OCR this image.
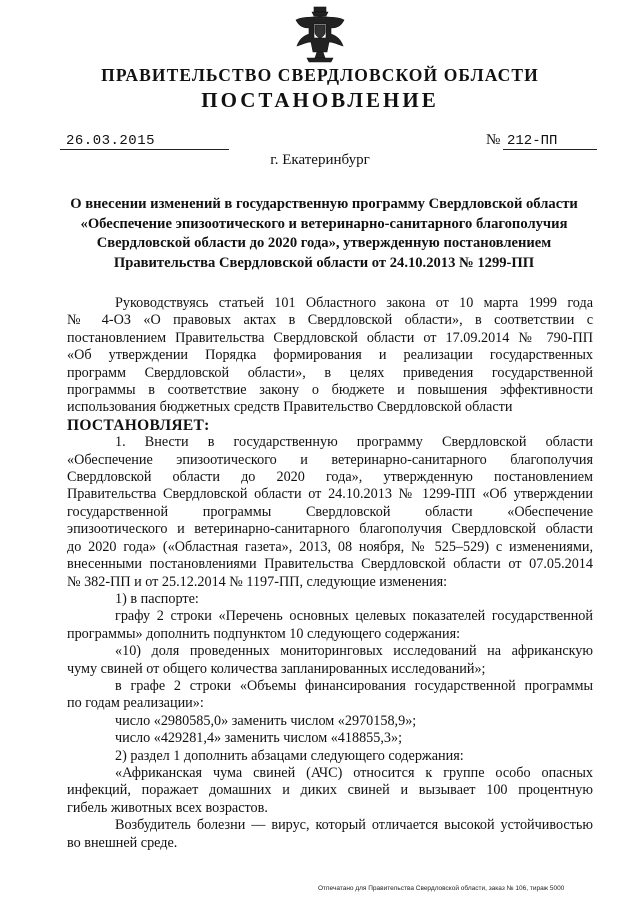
ПРАВИТЕЛЬСТВО СВЕРДЛОВСКОЙ ОБЛАСТИ
ПОСТАНОВЛЕНИЕ
26.03.2015	№ 212-ПП
г. Екатеринбург
О внесении изменений в государственную программу Свердловской области
«Обеспечение эпизоотического и ветеринарно-санитарного благополучия
Свердловской области до 2020 года», утвержденную постановлением
Правительства Свердловской области от 24.10.2013 № 1299-ПП

Руководствуясь статьей 101 Областного закона от 10 марта 1999 года

№ 4-ОЗ «О правовых актах в Свердловской области», в соответствии с

постановлением Правительства Свердловской области от 17.09.2014 № 790-ПП

«Об утверждении Порядка формирования и реализации государственных

программ Свердловской области», в целях приведения государственной

программы в соответствие закону о бюджете и повышения эффективности

использования бюджетных средств Правительство Свердловской области

ПОСТАНОВЛЯЕТ:

1. Внести в государственную программу Свердловской области

«Обеспечение эпизоотического и ветеринарно-санитарного благополучия

Свердловской области до 2020 года», утвержденную постановлением

Правительства Свердловской области от 24.10.2013 № 1299-ПП «Об утверждении

государственной программы Свердловской области «Обеспечение

эпизоотического и ветеринарно-санитарного благополучия Свердловской области

до 2020 года» («Областная газета», 2013, 08 ноября, № 525–529) с изменениями,

внесенными постановлениями Правительства Свердловской области от 07.05.2014

№ 382-ПП и от 25.12.2014 № 1197-ПП, следующие изменения:

1) в паспорте:

графу 2 строки «Перечень основных целевых показателей государственной

программы» дополнить подпунктом 10 следующего содержания:

«10) доля проведенных мониторинговых исследований на африканскую

чуму свиней от общего количества запланированных исследований»;

в графе 2 строки «Объемы финансирования государственной программы

по годам реализации»:

число «2980585,0» заменить числом «2970158,9»;

число «429281,4» заменить числом «418855,3»;

2) раздел 1 дополнить абзацами следующего содержания:

«Африканская чума свиней (АЧС) относится к группе особо опасных

инфекций, поражает домашних и диких свиней и вызывает 100 процентную

гибель животных всех возрастов.

Возбудитель болезни — вирус, который отличается высокой устойчивостью

во внешней среде.

Отпечатано для Правительства Свердловской области, заказ № 106, тираж 5000
